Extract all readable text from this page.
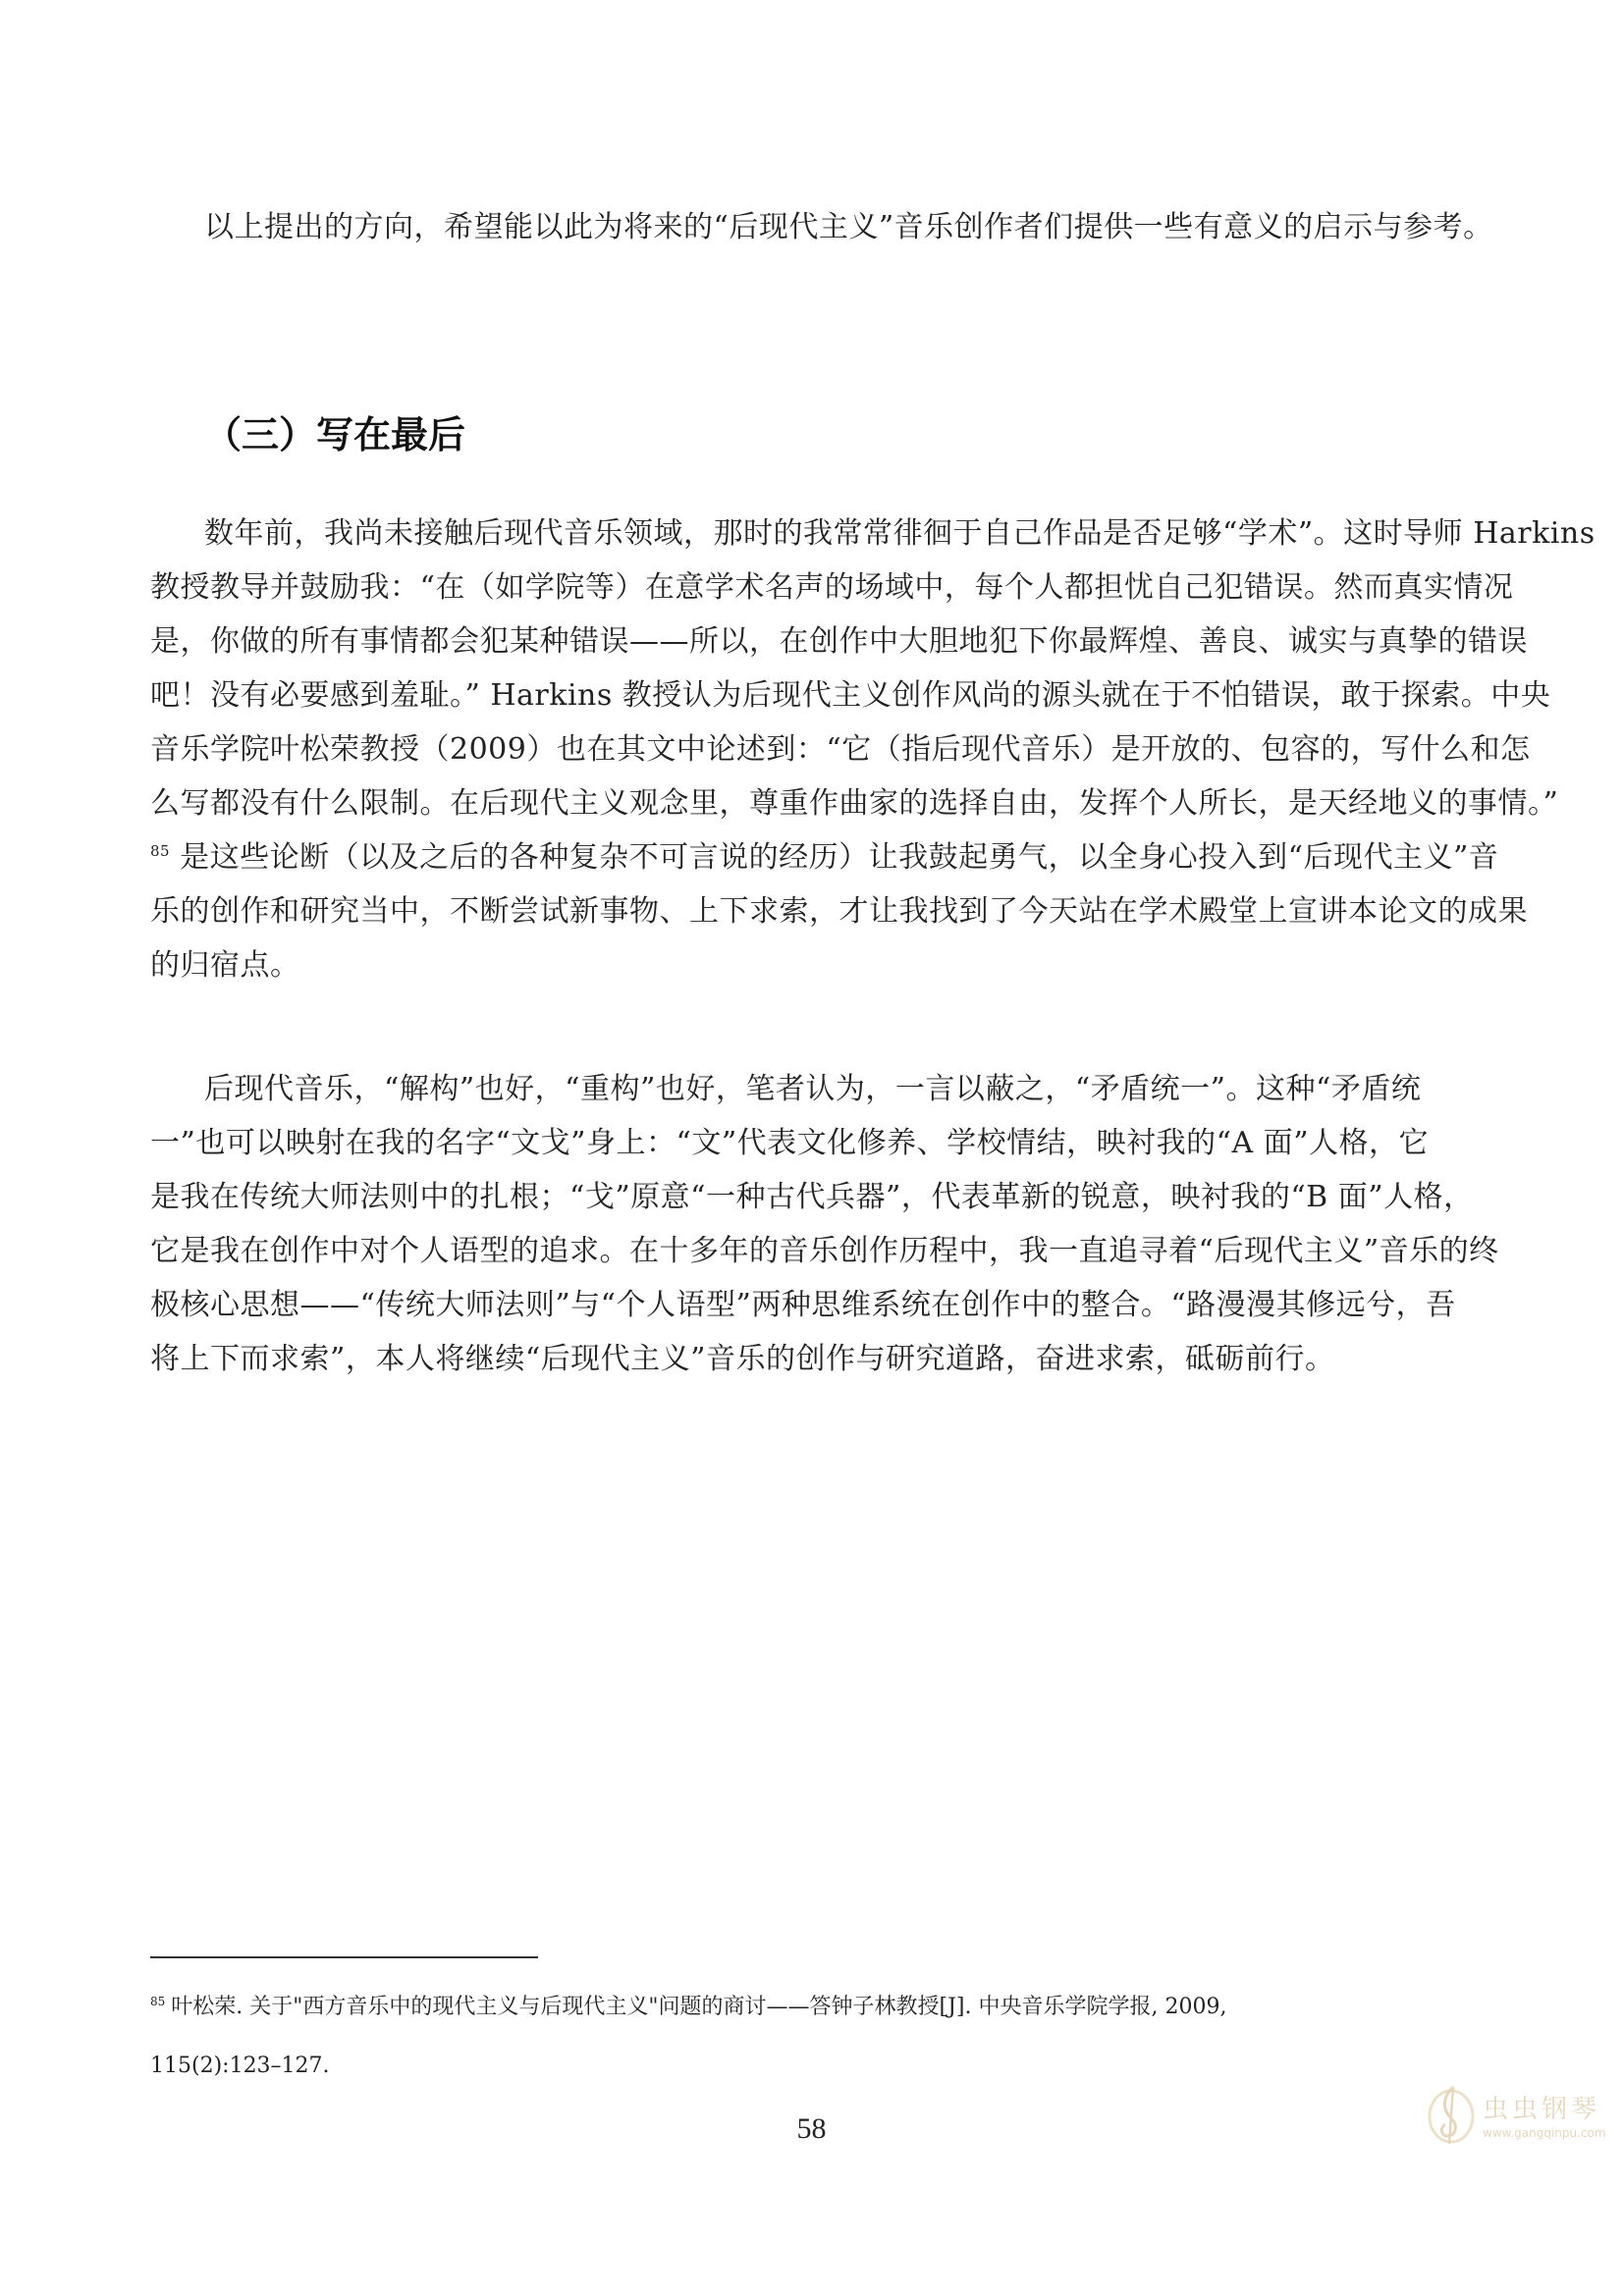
以上提出的方向，希望能以此为将来的“后现代主义”音乐创作者们提供一些有意义的启示与参考。
（三）写在最后
数年前，我尚未接触后现代音乐领域，那时的我常常徘徊于自己作品是否足够“学术”。这时导师 Harkins
教授教导并鼓励我：“在（如学院等）在意学术名声的场域中，每个人都担忧自己犯错误。然而真实情况
是，你做的所有事情都会犯某种错误——所以，在创作中大胆地犯下你最辉煌、善良、诚实与真挚的错误
吧！没有必要感到羞耻。” Harkins 教授认为后现代主义创作风尚的源头就在于不怕错误，敢于探索。中央
音乐学院叶松荣教授（2009）也在其文中论述到：“它（指后现代音乐）是开放的、包容的，写什么和怎
么写都没有什么限制。在后现代主义观念里，尊重作曲家的选择自由，发挥个人所长，是天经地义的事情。”
$^{85}$ 是这些论断（以及之后的各种复杂不可言说的经历）让我鼓起勇气，以全身心投入到“后现代主义”音
乐的创作和研究当中，不断尝试新事物、上下求索，才让我找到了今天站在学术殿堂上宣讲本论文的成果
的归宿点。
后现代音乐，“解构”也好，“重构”也好，笔者认为，一言以蔽之，“矛盾统一”。这种“矛盾统
一”也可以映射在我的名字“文戈”身上：“文”代表文化修养、学校情结，映衬我的“A 面”人格，它
是我在传统大师法则中的扎根；“戈”原意“一种古代兵器”，代表革新的锐意，映衬我的“B 面”人格，
它是我在创作中对个人语型的追求。在十多年的音乐创作历程中，我一直追寻着“后现代主义”音乐的终
极核心思想——“传统大师法则”与“个人语型”两种思维系统在创作中的整合。“路漫漫其修远兮，吾
将上下而求索”，本人将继续“后现代主义”音乐的创作与研究道路，奋进求索，砥砺前行。
$^{85}$ 叶松荣. 关于"西方音乐中的现代主义与后现代主义"问题的商讨——答钟子林教授[J]. 中央音乐学院学报, 2009,
115(2):123–127.
58
虫虫钢琴
www.gangqinpu.com
